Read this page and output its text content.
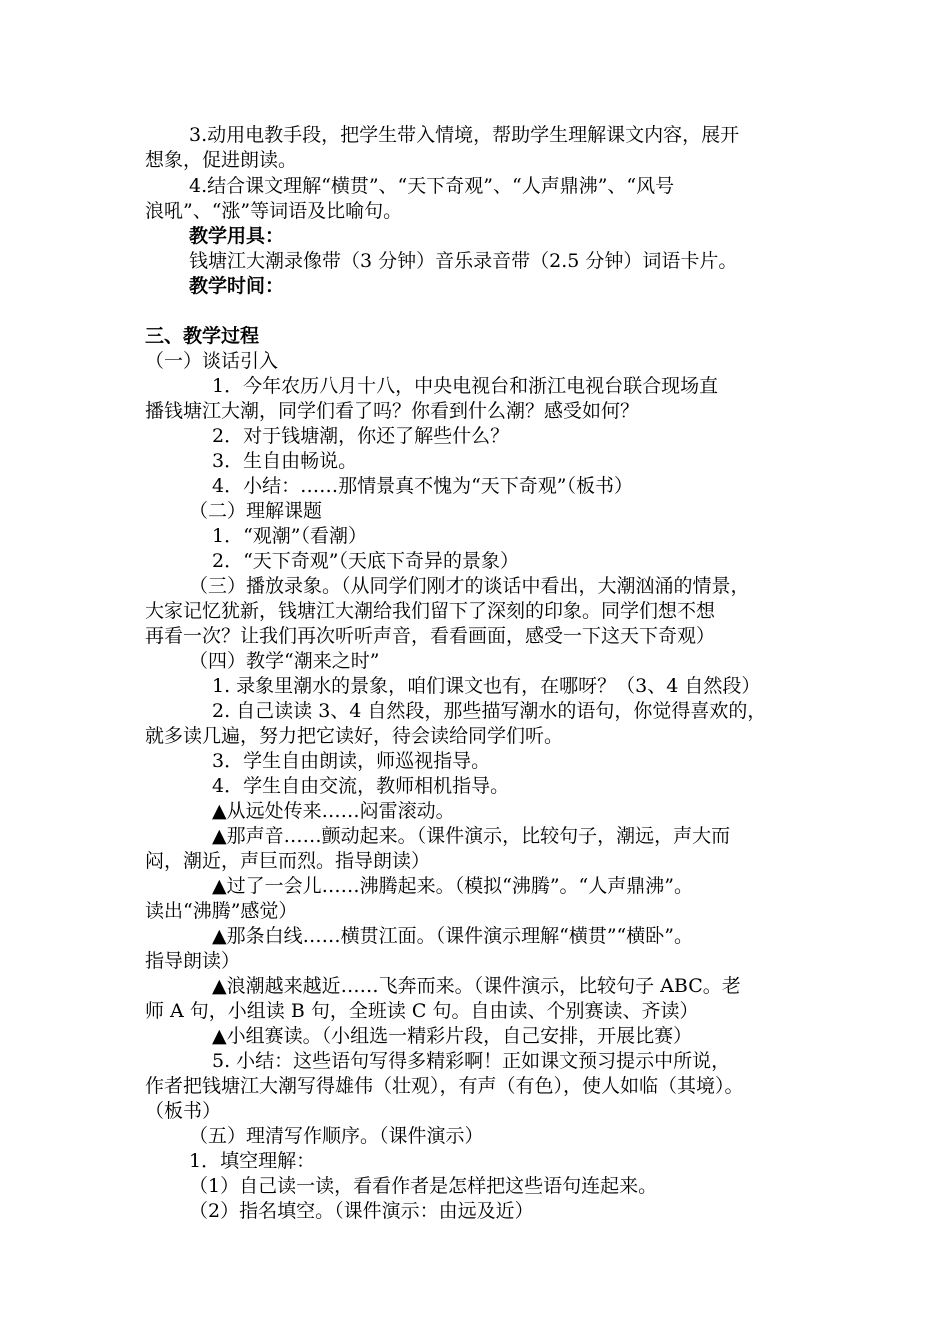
3.动用电教手段，把学生带入情境，帮助学生理解课文内容，展开
想象，促进朗读。
4.结合课文理解“横贯”、“天下奇观”、“人声鼎沸”、“风号
浪吼”、“涨”等词语及比喻句。
教学用具：
钱塘江大潮录像带（3 分钟）音乐录音带（2.5 分钟）词语卡片。
教学时间：
三、教学过程
（一）谈话引入
1．今年农历八月十八，中央电视台和浙江电视台联合现场直
播钱塘江大潮，同学们看了吗？你看到什么潮？感受如何？
2．对于钱塘潮，你还了解些什么？
3．生自由畅说。
4．小结：……那情景真不愧为“天下奇观”（板书）
（二）理解课题
1．“观潮”（看潮）
2．“天下奇观”（天底下奇异的景象）
（三）播放录象。（从同学们刚才的谈话中看出，大潮汹涌的情景，
大家记忆犹新，钱塘江大潮给我们留下了深刻的印象。同学们想不想
再看一次？让我们再次听听声音，看看画面，感受一下这天下奇观）
（四）教学“潮来之时”
1. 录象里潮水的景象，咱们课文也有，在哪呀？（3、4 自然段）
2. 自己读读 3、4 自然段，那些描写潮水的语句，你觉得喜欢的，
就多读几遍，努力把它读好，待会读给同学们听。
3．学生自由朗读，师巡视指导。
4．学生自由交流，教师相机指导。
▲从远处传来……闷雷滚动。
▲那声音……颤动起来。（课件演示，比较句子，潮远，声大而
闷，潮近，声巨而烈。指导朗读）
▲过了一会儿……沸腾起来。（模拟“沸腾”。“人声鼎沸”。
读出“沸腾”感觉）
▲那条白线……横贯江面。（课件演示理解“横贯”“横卧”。
指导朗读）
▲浪潮越来越近……飞奔而来。（课件演示，比较句子 ABC。老
师 A 句，小组读 B 句，全班读 C 句。自由读、个别赛读、齐读）
▲小组赛读。（小组选一精彩片段，自己安排，开展比赛）
5. 小结：这些语句写得多精彩啊！正如课文预习提示中所说，
作者把钱塘江大潮写得雄伟（壮观），有声（有色），使人如临（其境）。
（板书）
（五）理清写作顺序。（课件演示）
1．填空理解：
（1）自己读一读，看看作者是怎样把这些语句连起来。
（2）指名填空。（课件演示：由远及近）
